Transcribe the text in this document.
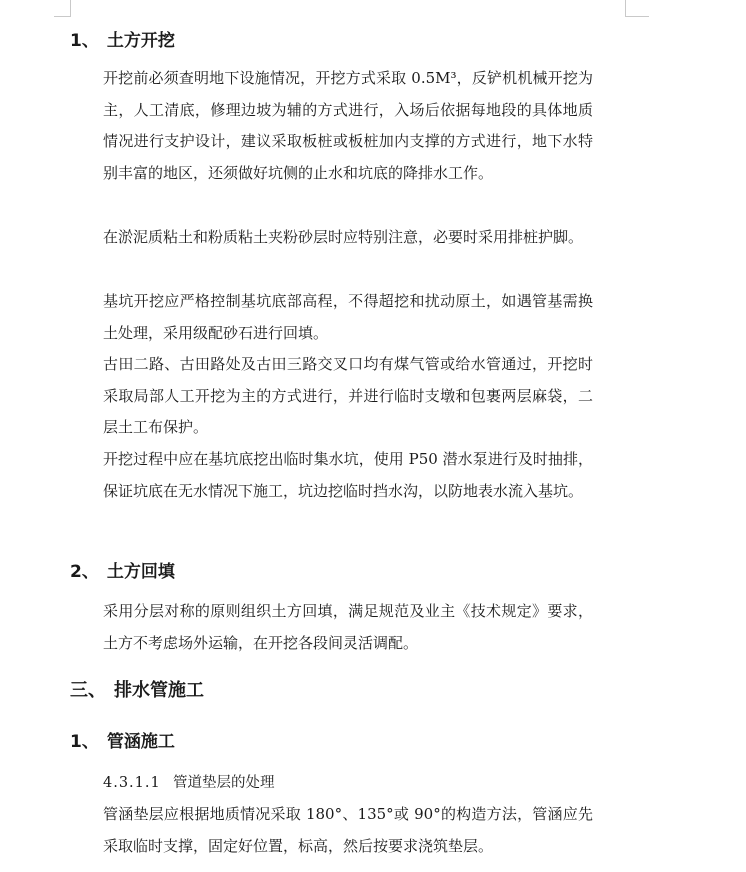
1、 土方开挖

开挖前必须查明地下设施情况，开挖方式采取 0.5M³，反铲机机械开挖为主，人工清底，修理边坡为辅的方式进行，入场后依据每地段的具体地质情况进行支护设计，建议采取板桩或板桩加内支撑的方式进行，地下水特别丰富的地区，还须做好坑侧的止水和坑底的降排水工作。

在淤泥质粘土和粉质粘土夹粉砂层时应特别注意，必要时采用排桩护脚。

基坑开挖应严格控制基坑底部高程，不得超挖和扰动原土，如遇管基需换土处理，采用级配砂石进行回填。

古田二路、古田路处及古田三路交叉口均有煤气管或给水管通过，开挖时采取局部人工开挖为主的方式进行，并进行临时支墩和包裹两层麻袋，二层土工布保护。

开挖过程中应在基坑底挖出临时集水坑，使用 P50 潜水泵进行及时抽排，保证坑底在无水情况下施工，坑边挖临时挡水沟，以防地表水流入基坑。

2、 土方回填

采用分层对称的原则组织土方回填，满足规范及业主《技术规定》要求，土方不考虑场外运输，在开挖各段间灵活调配。

三、 排水管施工
1、 管涵施工
4.3.1.1 管道垫层的处理

管涵垫层应根据地质情况采取 180°、135°或 90°的构造方法，管涵应先采取临时支撑，固定好位置，标高，然后按要求浇筑垫层。
